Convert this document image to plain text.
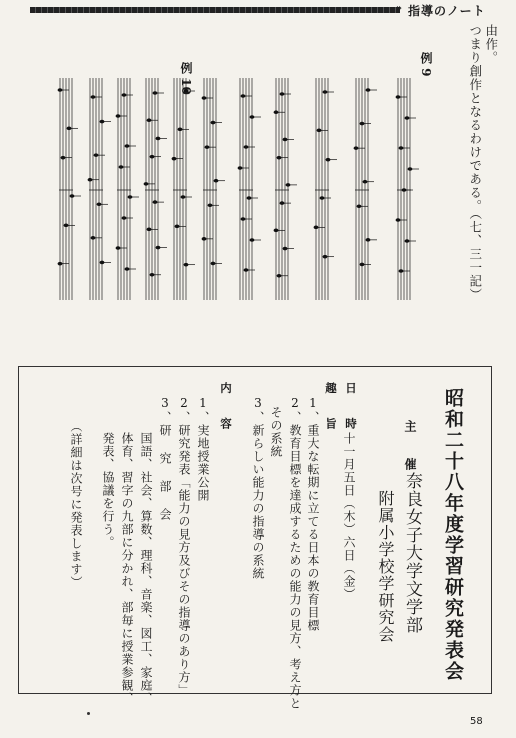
» 指導のノート
由作。
つまり創作となるわけである。（七、三一記）
例 9
例 10
昭和二十八年度学習研究発表会
主 催
奈良女子大学文学部
附属小学校学研究会
日 時
十一月五日（木）六日（金）
趣 旨
1、重大な転期に立てる日本の教育目標
2、教育目標を達成するための能力の見方、考え方と
その系統
3、新らしい能力の指導の系統
内 容
1、実地授業公開
2、研究発表「能力の見方及びその指導のあり方」
3、研 究 部 会
国語、社会、算数、理科、音楽、図工、家庭、
体育、習字の九部に分かれ、部毎に授業参観、
発表、協議を行う。
（詳細は次号に発表します）
58
